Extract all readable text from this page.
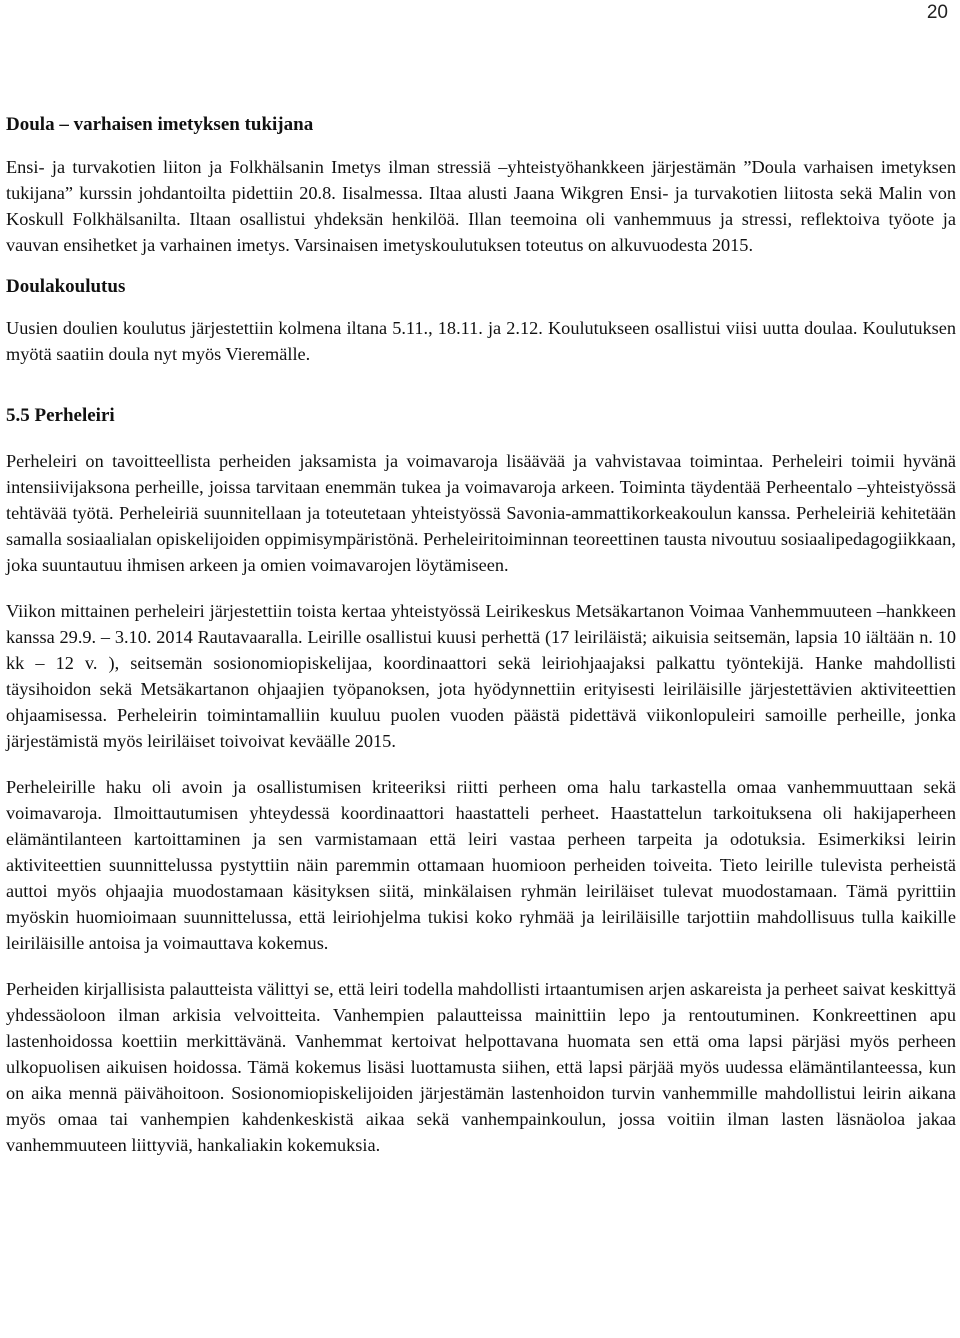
20
Doula – varhaisen imetyksen tukijana

Ensi- ja turvakotien liiton ja Folkhälsanin Imetys ilman stressiä –yhteistyöhankkeen järjestämän ”Doula varhaisen imetyksen tukijana” kurssin johdantoilta pidettiin 20.8. Iisalmessa. Iltaa alusti Jaana Wikgren Ensi- ja turvakotien liitosta sekä Malin von Koskull Folkhälsanilta. Iltaan osallistui yhdeksän henkilöä. Illan teemoina oli vanhemmuus ja stressi, reflektoiva työote ja vauvan ensihetket ja varhainen imetys. Varsinaisen imetyskoulutuksen toteutus on alkuvuodesta 2015.

Doulakoulutus

Uusien doulien koulutus järjestettiin kolmena iltana 5.11., 18.11. ja 2.12. Koulutukseen osallistui viisi uutta doulaa. Koulutuksen myötä saatiin doula nyt myös Vieremälle.

5.5 Perheleiri

Perheleiri on tavoitteellista perheiden jaksamista ja voimavaroja lisäävää ja vahvistavaa toimintaa. Perheleiri toimii hyvänä intensiivijaksona perheille, joissa tarvitaan enemmän tukea ja voimavaroja arkeen. Toiminta täydentää Perheentalo –yhteistyössä tehtävää työtä. Perheleiriä suunnitellaan ja toteutetaan yhteistyössä Savonia-ammattikorkeakoulun kanssa. Perheleiriä kehitetään samalla sosiaalialan opiskelijoiden oppimisympäristönä. Perheleiritoiminnan teoreettinen tausta nivoutuu sosiaalipedagogiikkaan, joka suuntautuu ihmisen arkeen ja omien voimavarojen löytämiseen.

Viikon mittainen perheleiri järjestettiin toista kertaa yhteistyössä Leirikeskus Metsäkartanon Voimaa Vanhemmuuteen –hankkeen kanssa 29.9. – 3.10. 2014 Rautavaaralla. Leirille osallistui kuusi perhettä (17 leiriläistä; aikuisia seitsemän, lapsia 10 iältään n. 10 kk – 12 v. ), seitsemän sosionomiopiskelijaa, koordinaattori sekä leiriohjaajaksi palkattu työntekijä. Hanke mahdollisti täysihoidon sekä Metsäkartanon ohjaajien työpanoksen, jota hyödynnettiin erityisesti leiriläisille järjestettävien aktiviteettien ohjaamisessa. Perheleirin toimintamalliin kuuluu puolen vuoden päästä pidettävä viikonlopuleiri samoille perheille, jonka järjestämistä myös leiriläiset toivoivat keväälle 2015.

Perheleirille haku oli avoin ja osallistumisen kriteeriksi riitti perheen oma halu tarkastella omaa vanhemmuuttaan sekä voimavaroja. Ilmoittautumisen yhteydessä koordinaattori haastatteli perheet. Haastattelun tarkoituksena oli hakijaperheen elämäntilanteen kartoittaminen ja sen varmistamaan että leiri vastaa perheen tarpeita ja odotuksia. Esimerkiksi leirin aktiviteettien suunnittelussa pystyttiin näin paremmin ottamaan huomioon perheiden toiveita. Tieto leirille tulevista perheistä auttoi myös ohjaajia muodostamaan käsityksen siitä, minkälaisen ryhmän leiriläiset tulevat muodostamaan. Tämä pyrittiin myöskin huomioimaan suunnittelussa, että leiriohjelma tukisi koko ryhmää ja leiriläisille tarjottiin mahdollisuus tulla kaikille leiriläisille antoisa ja voimauttava kokemus.

Perheiden kirjallisista palautteista välittyi se, että leiri todella mahdollisti irtaantumisen arjen askareista ja perheet saivat keskittyä yhdessäoloon ilman arkisia velvoitteita. Vanhempien palautteissa mainittiin lepo ja rentoutuminen. Konkreettinen apu lastenhoidossa koettiin merkittävänä. Vanhemmat kertoivat helpottavana huomata sen että oma lapsi pärjäsi myös perheen ulkopuolisen aikuisen hoidossa. Tämä kokemus lisäsi luottamusta siihen, että lapsi pärjää myös uudessa elämäntilanteessa, kun on aika mennä päivähoitoon. Sosionomiopiskelijoiden järjestämän lastenhoidon turvin vanhemmille mahdollistui leirin aikana myös omaa tai vanhempien kahdenkeskistä aikaa sekä vanhempainkoulun, jossa voitiin ilman lasten läsnäoloa jakaa vanhemmuuteen liittyviä, hankaliakin kokemuksia.
